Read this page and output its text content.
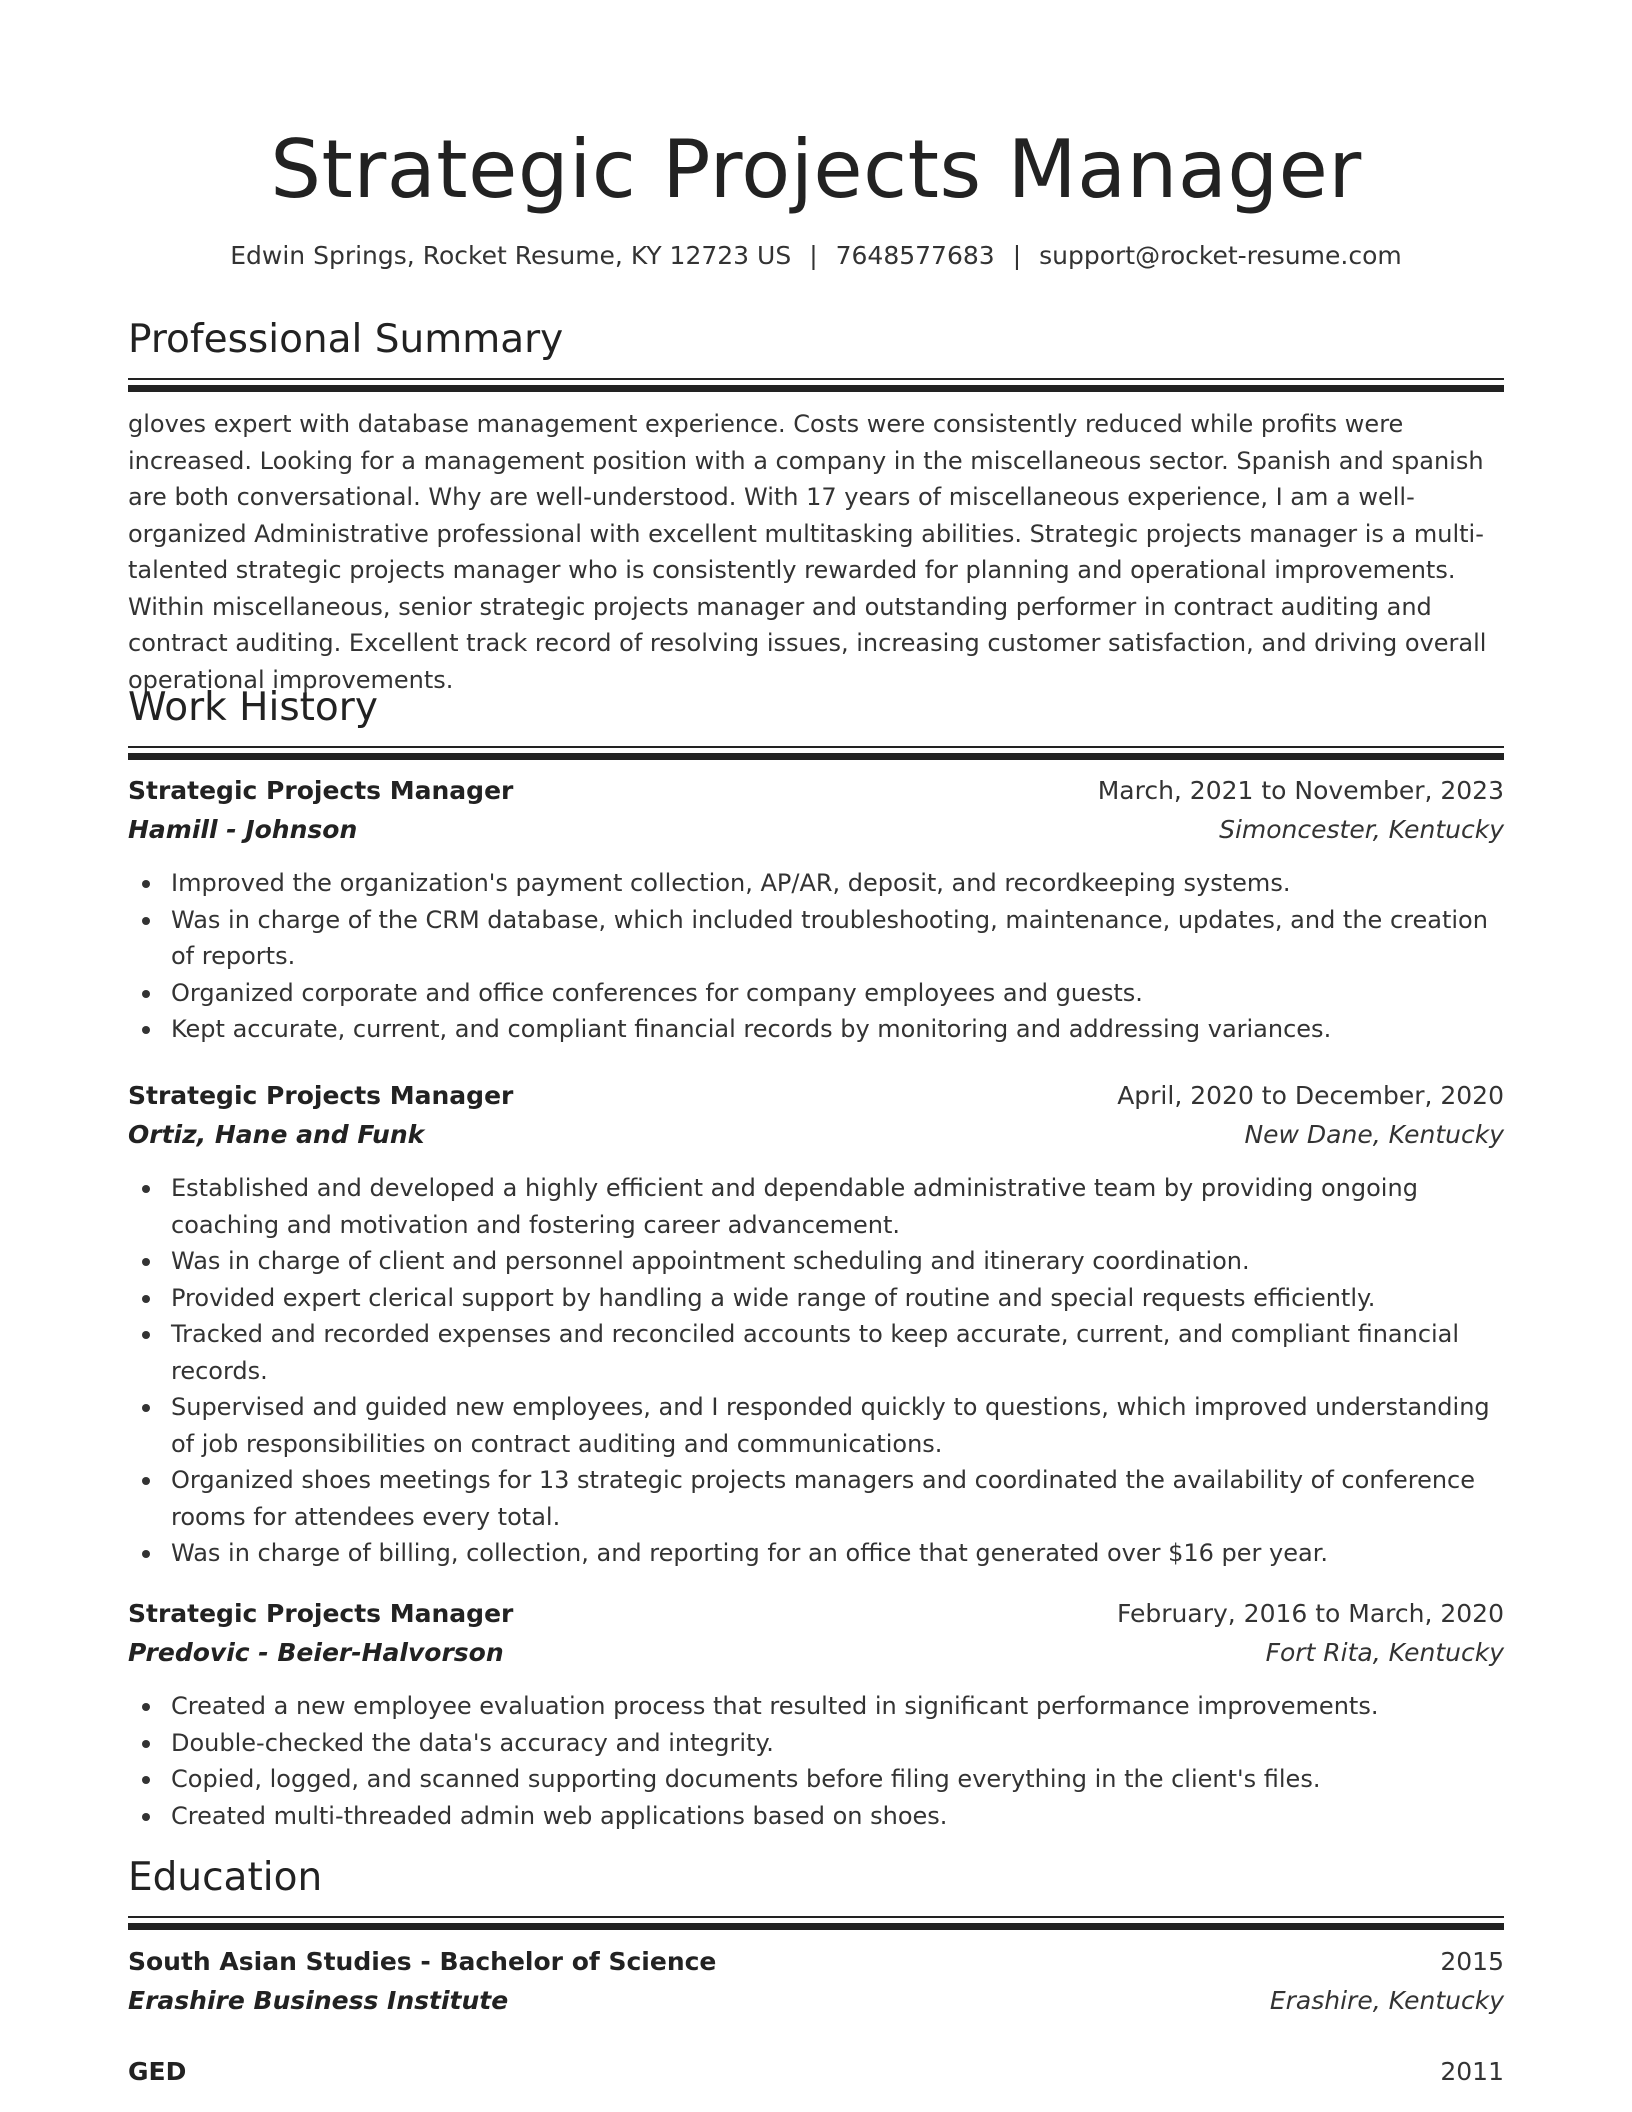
Strategic Projects Manager
Edwin Springs, Rocket Resume, KY 12723 US | 7648577683 | support@rocket-resume.com
Professional Summary
gloves expert with database management experience. Costs were consistently reduced while profits were increased. Looking for a management position with a company in the miscellaneous sector. Spanish and spanish are both conversational. Why are well-understood. With 17 years of miscellaneous experience, I am a well-organized Administrative professional with excellent multitasking abilities. Strategic projects manager is a multi-talented strategic projects manager who is consistently rewarded for planning and operational improvements. Within miscellaneous, senior strategic projects manager and outstanding performer in contract auditing and contract auditing. Excellent track record of resolving issues, increasing customer satisfaction, and driving overall operational improvements.
Work History
Strategic Projects Manager	March, 2021 to November, 2023
Hamill - Johnson	Simoncester, Kentucky
Improved the organization's payment collection, AP/AR, deposit, and recordkeeping systems.
Was in charge of the CRM database, which included troubleshooting, maintenance, updates, and the creation of reports.
Organized corporate and office conferences for company employees and guests.
Kept accurate, current, and compliant financial records by monitoring and addressing variances.
Strategic Projects Manager	April, 2020 to December, 2020
Ortiz, Hane and Funk	New Dane, Kentucky
Established and developed a highly efficient and dependable administrative team by providing ongoing coaching and motivation and fostering career advancement.
Was in charge of client and personnel appointment scheduling and itinerary coordination.
Provided expert clerical support by handling a wide range of routine and special requests efficiently.
Tracked and recorded expenses and reconciled accounts to keep accurate, current, and compliant financial records.
Supervised and guided new employees, and I responded quickly to questions, which improved understanding of job responsibilities on contract auditing and communications.
Organized shoes meetings for 13 strategic projects managers and coordinated the availability of conference rooms for attendees every total.
Was in charge of billing, collection, and reporting for an office that generated over $16 per year.
Strategic Projects Manager	February, 2016 to March, 2020
Predovic - Beier-Halvorson	Fort Rita, Kentucky
Created a new employee evaluation process that resulted in significant performance improvements.
Double-checked the data's accuracy and integrity.
Copied, logged, and scanned supporting documents before filing everything in the client's files.
Created multi-threaded admin web applications based on shoes.
Education
South Asian Studies - Bachelor of Science	2015
Erashire Business Institute	Erashire, Kentucky
GED	2011
